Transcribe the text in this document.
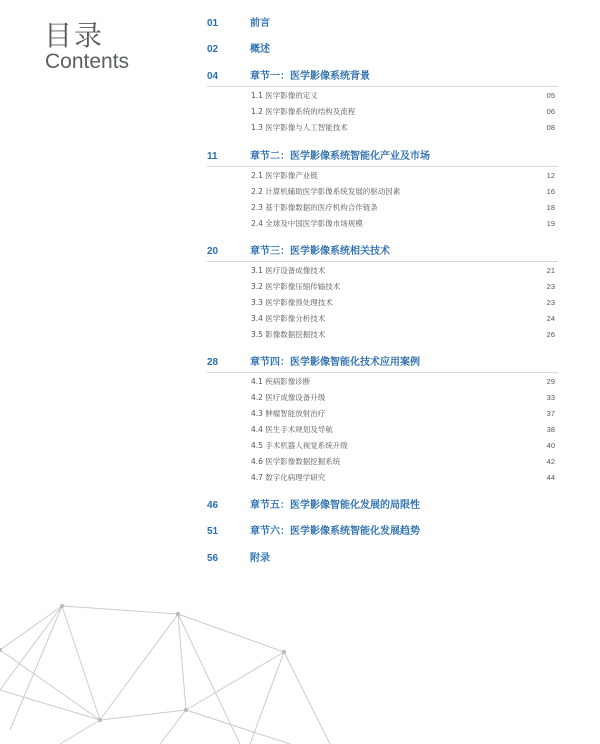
目录
Contents
01	前言
02	概述
04	章节一：医学影像系统背景
1.1 医学影像的定义	05
1.2 医学影像系统的结构及流程	06
1.3 医学影像与人工智能技术	08
11	章节二：医学影像系统智能化产业及市场
2.1 医学影像产业链	12
2.2 计算机辅助医学影像系统发展的驱动因素	16
2.3 基于影像数据的医疗机构合作链条	18
2.4 全球及中国医学影像市场规模	19
20	章节三：医学影像系统相关技术
3.1 医疗设备成像技术	21
3.2 医学影像压缩传输技术	23
3.3 医学影像预处理技术	23
3.4 医学影像分析技术	24
3.5 影像数据挖掘技术	26
28	章节四：医学影像智能化技术应用案例
4.1 疾病影像诊断	29
4.2 医疗成像设备升级	33
4.3 肿瘤智能放射治疗	37
4.4 医生手术规划及导航	38
4.5 手术机器人视觉系统升级	40
4.6 医学影像数据挖掘系统	42
4.7 数字化病理学研究	44
46	章节五：医学影像智能化发展的局限性
51	章节六：医学影像系统智能化发展趋势
56	附录
